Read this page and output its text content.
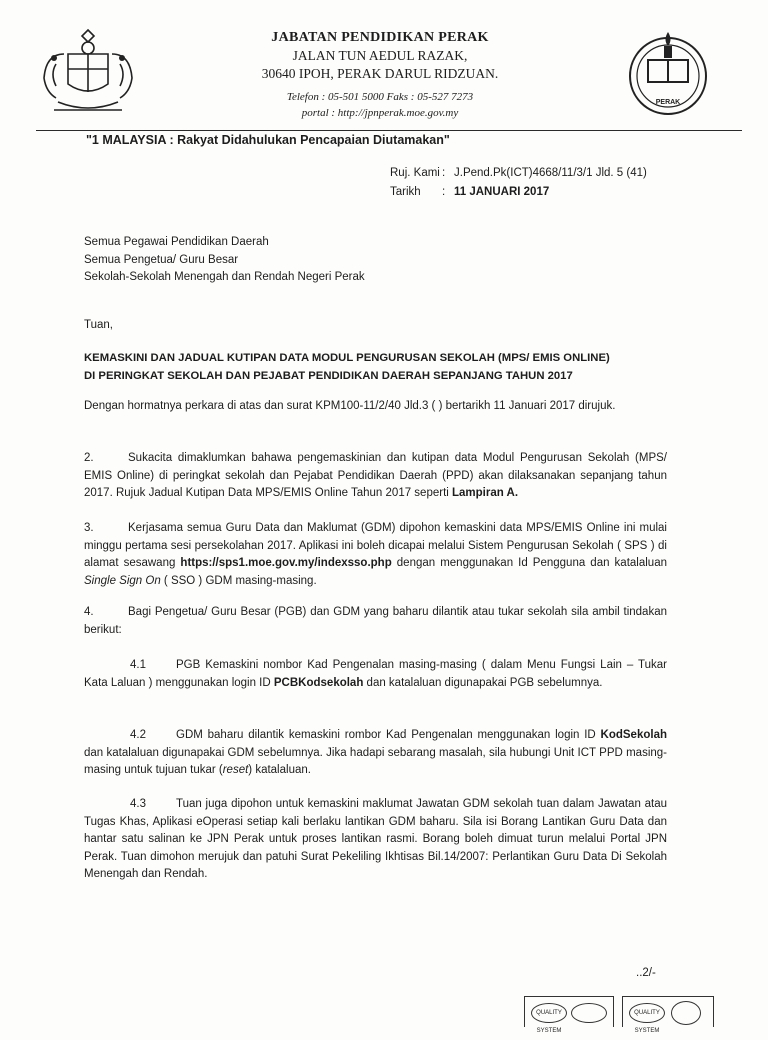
JABATAN PENDIDIKAN PERAK
JALAN TUN AEDUL RAZAK,
30640 IPOH, PERAK DARUL RIDZUAN.
Telefon : 05-501 5000 Faks : 05-527 7273
portal : http://jpnperak.moe.gov.my
PERAK
"1 MALAYSIA : Rakyat Didahulukan Pencapaian Diutamakan"
Ruj. Kami : J.Pend.Pk(ICT)4668/11/3/1 Jld. 5 (41)
Tarikh : 11 JANUARI 2017
Semua Pegawai Pendidikan Daerah
Semua Pengetua/ Guru Besar
Sekolah-Sekolah Menengah dan Rendah Negeri Perak
Tuan,
KEMASKINI DAN JADUAL KUTIPAN DATA MODUL PENGURUSAN SEKOLAH (MPS/ EMIS ONLINE)
DI PERINGKAT SEKOLAH DAN PEJABAT PENDIDIKAN DAERAH SEPANJANG TAHUN 2017
Dengan hormatnya perkara di atas dan surat KPM100-11/2/40 Jld.3 ( ) bertarikh 11 Januari 2017 dirujuk.
2.	Sukacita dimaklumkan bahawa pengemaskinian dan kutipan data Modul Pengurusan Sekolah (MPS/ EMIS Online) di peringkat sekolah dan Pejabat Pendidikan Daerah (PPD) akan dilaksanakan sepanjang tahun 2017. Rujuk Jadual Kutipan Data MPS/EMIS Online Tahun 2017 seperti Lampiran A.
3.	Kerjasama semua Guru Data dan Maklumat (GDM) dipohon kemaskini data MPS/EMIS Online ini mulai minggu pertama sesi persekolahan 2017. Aplikasi ini boleh dicapai melalui Sistem Pengurusan Sekolah ( SPS ) di alamat sesawang https://sps1.moe.gov.my/indexsso.php dengan menggunakan Id Pengguna dan katalaluan Single Sign On ( SSO ) GDM masing-masing.
4.	Bagi Pengetua/ Guru Besar (PGB) dan GDM yang baharu dilantik atau tukar sekolah sila ambil tindakan berikut:
4.1	PGB Kemaskini nombor Kad Pengenalan masing-masing ( dalam Menu Fungsi Lain – Tukar Kata Laluan ) menggunakan login ID PCBKodsekolah dan katalaluan digunapakai PGB sebelumnya.
4.2	GDM baharu dilantik kemaskini rombor Kad Pengenalan menggunakan login ID KodSekolah dan katalaluan digunapakai GDM sebelumnya. Jika hadapi sebarang masalah, sila hubungi Unit ICT PPD masing-masing untuk tujuan tukar (reset) katalaluan.
4.3	Tuan juga dipohon untuk kemaskini maklumat Jawatan GDM sekolah tuan dalam Jawatan atau Tugas Khas, Aplikasi eOperasi setiap kali berlaku lantikan GDM baharu. Sila isi Borang Lantikan Guru Data dan hantar satu salinan ke JPN Perak untuk proses lantikan rasmi. Borang boleh dimuat turun melalui Portal JPN Perak. Tuan dimohon merujuk dan patuhi Surat Pekeliling Ikhtisas Bil.14/2007: Perlantikan Guru Data Di Sekolah Menengah dan Rendah.
..2/-
QUALITY SYSTEM
QUALITY SYSTEM
